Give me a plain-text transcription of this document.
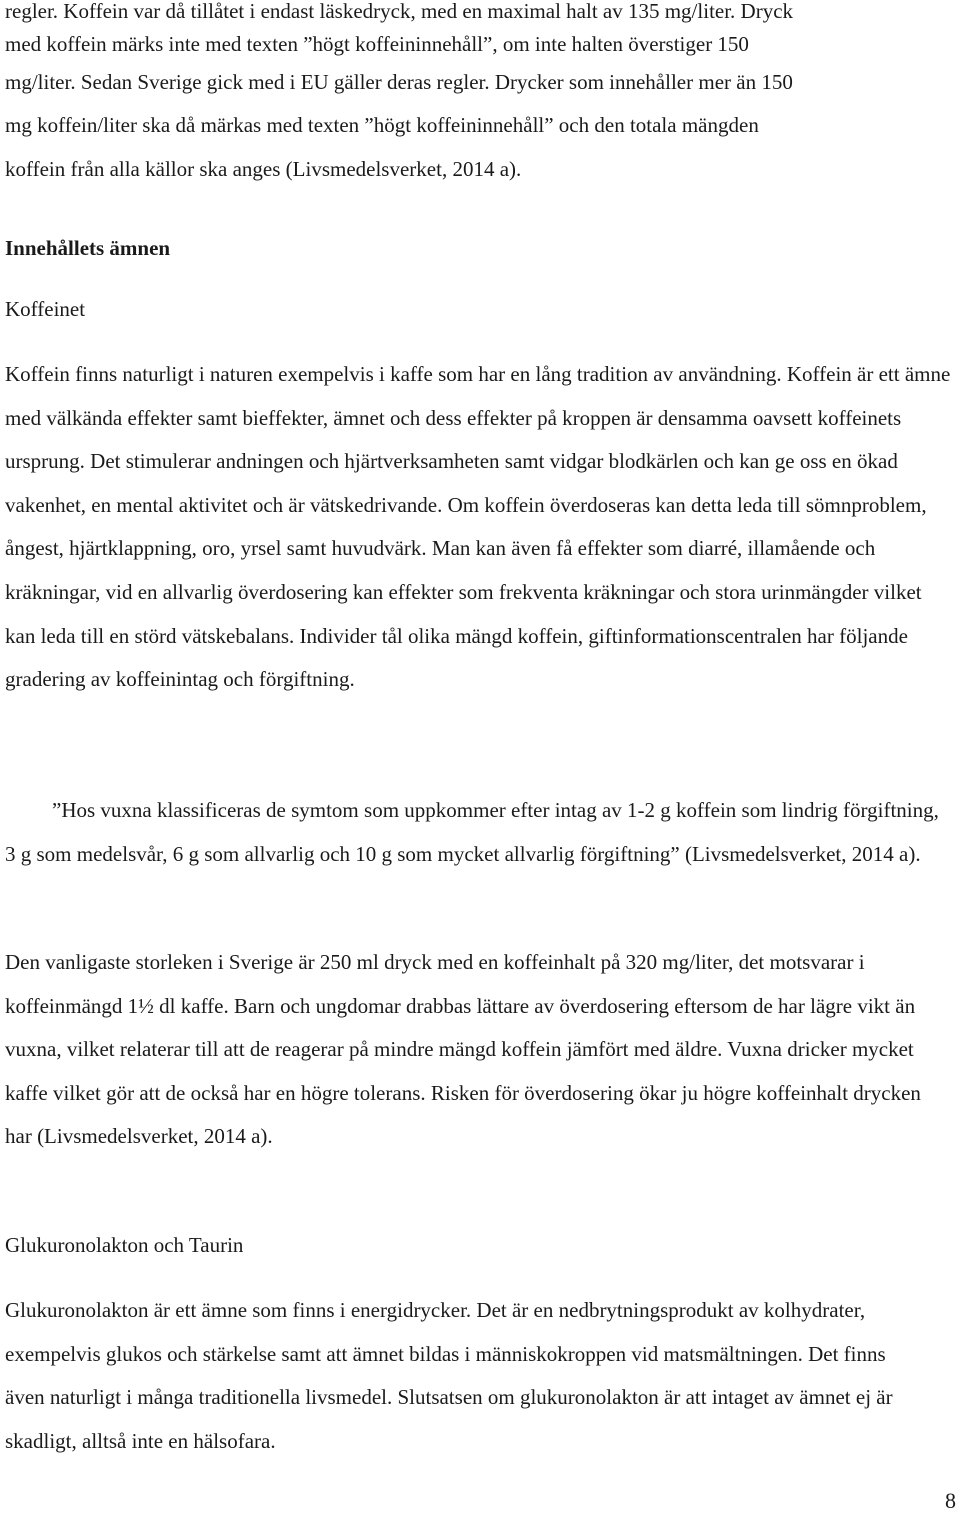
regler. Koffein var då tillåtet i endast läskedryck, med en maximal halt av 135 mg/liter. Dryck
med koffein märks inte med texten ”högt koffeininnehåll”, om inte halten överstiger 150
mg/liter. Sedan Sverige gick med i EU gäller deras regler. Drycker som innehåller mer än 150
mg koffein/liter ska då märkas med texten ”högt koffeininnehåll” och den totala mängden
koffein från alla källor ska anges (Livsmedelsverket, 2014 a).
Innehållets ämnen
Koffeinet

Koffein finns naturligt i naturen exempelvis i kaffe som har en lång tradition av användning. Koffein är ett ämne med välkända effekter samt bieffekter, ämnet och dess effekter på kroppen är densamma oavsett koffeinets ursprung. Det stimulerar andningen och hjärtverksamheten samt vidgar blodkärlen och kan ge oss en ökad vakenhet, en mental aktivitet och är vätskedrivande. Om koffein överdoseras kan detta leda till sömnproblem, ångest, hjärtklappning, oro, yrsel samt huvudvärk. Man kan även få effekter som diarré, illamående och kräkningar, vid en allvarlig överdosering kan effekter som frekventa kräkningar och stora urinmängder vilket kan leda till en störd vätskebalans. Individer tål olika mängd koffein, giftinformationscentralen har följande gradering av koffeinintag och förgiftning.

”Hos vuxna klassificeras de symtom som uppkommer efter intag av 1-2 g koffein som lindrig förgiftning, 3 g som medelsvår, 6 g som allvarlig och 10 g som mycket allvarlig förgiftning” (Livsmedelsverket, 2014 a).

Den vanligaste storleken i Sverige är 250 ml dryck med en koffeinhalt på 320 mg/liter, det motsvarar i koffeinmängd 1½ dl kaffe. Barn och ungdomar drabbas lättare av överdosering eftersom de har lägre vikt än vuxna, vilket relaterar till att de reagerar på mindre mängd koffein jämfört med äldre. Vuxna dricker mycket kaffe vilket gör att de också har en högre tolerans. Risken för överdosering ökar ju högre koffeinhalt drycken har (Livsmedelsverket, 2014 a).

Glukuronolakton och Taurin

Glukuronolakton är ett ämne som finns i energidrycker. Det är en nedbrytningsprodukt av kolhydrater, exempelvis glukos och stärkelse samt att ämnet bildas i människokroppen vid matsmältningen. Det finns även naturligt i många traditionella livsmedel. Slutsatsen om glukuronolakton är att intaget av ämnet ej är skadligt, alltså inte en hälsofara.

8
